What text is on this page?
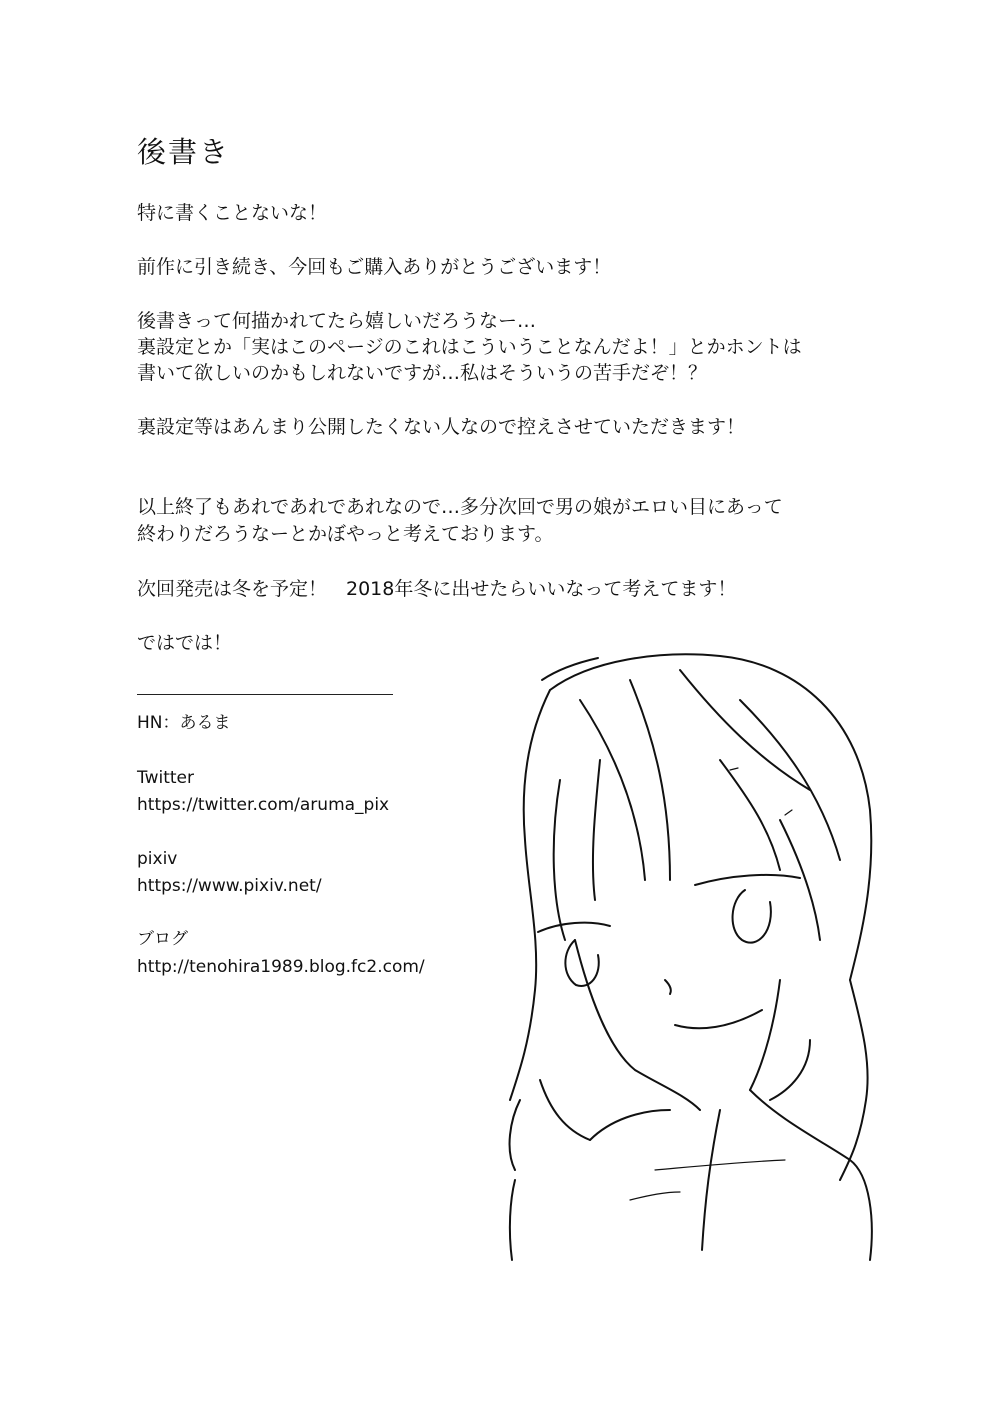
後書き
特に書くことないな！
前作に引き続き、今回もご購入ありがとうございます！
後書きって何描かれてたら嬉しいだろうなー…
裏設定とか「実はこのページのこれはこういうことなんだよ！」とかホントは
書いて欲しいのかもしれないですが…私はそういうの苦手だぞ！？
裏設定等はあんまり公開したくない人なので控えさせていただきます！
以上終了もあれであれであれなので…多分次回で男の娘がエロい目にあって
終わりだろうなーとかぼやっと考えております。
次回発売は冬を予定！　2018年冬に出せたらいいなって考えてます！
ではでは！
HN：あるま
Twitter
https://twitter.com/aruma_pix
pixiv
https://www.pixiv.net/
ブログ
http://tenohira1989.blog.fc2.com/
